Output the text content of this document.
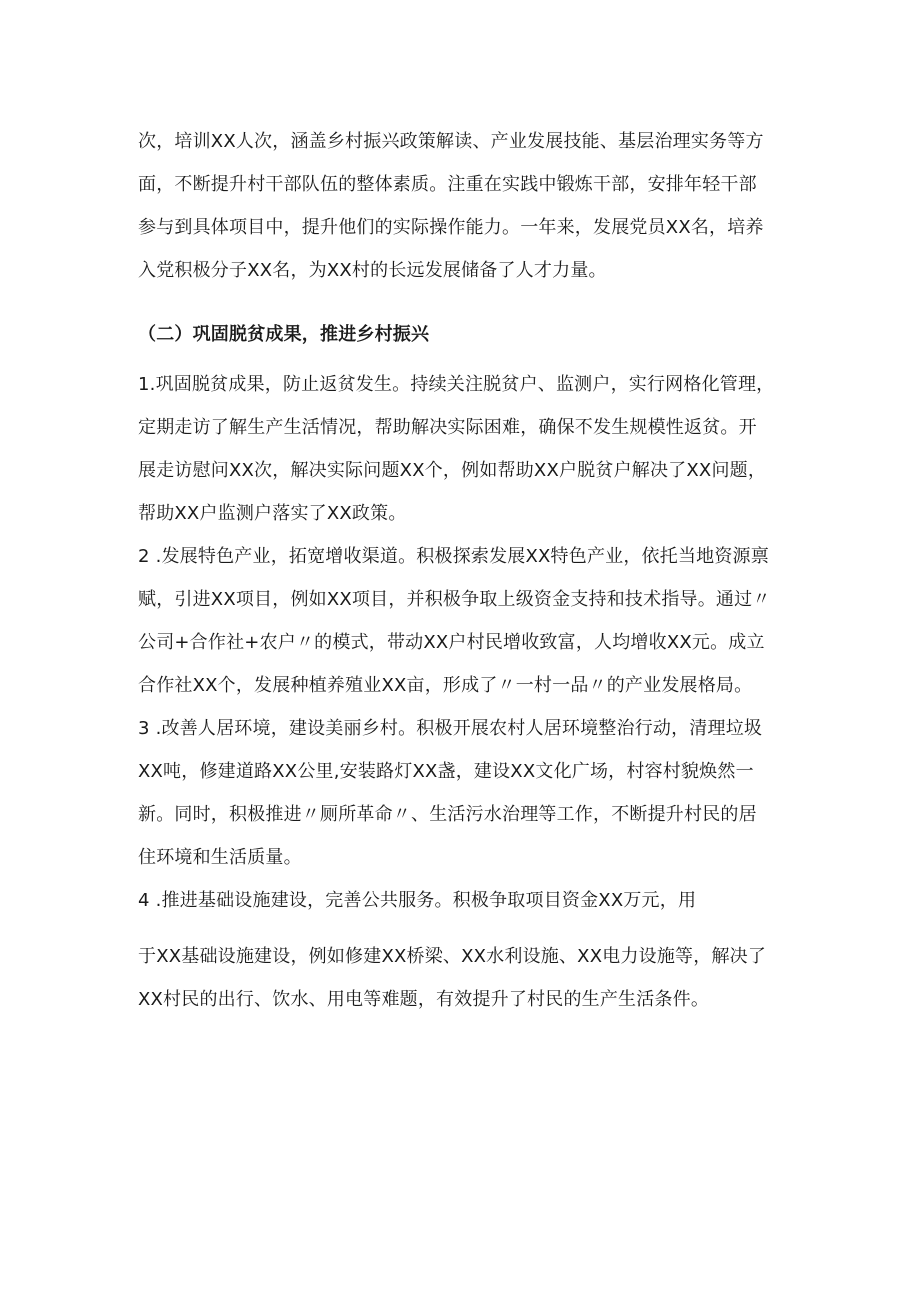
次，培训XX人次，涵盖乡村振兴政策解读、产业发展技能、基层治理实务等方
面，不断提升村干部队伍的整体素质。注重在实践中锻炼干部，安排年轻干部
参与到具体项目中，提升他们的实际操作能力。一年来，发展党员XX名，培养
入党积极分子XX名，为XX村的长远发展储备了人才力量。
（二）巩固脱贫成果，推进乡村振兴
1.巩固脱贫成果，防止返贫发生。持续关注脱贫户、监测户，实行网格化管理，
定期走访了解生产生活情况，帮助解决实际困难，确保不发生规模性返贫。开
展走访慰问XX次，解决实际问题XX个，例如帮助XX户脱贫户解决了XX问题，
帮助XX户监测户落实了XX政策。
2 .发展特色产业，拓宽增收渠道。积极探索发展XX特色产业，依托当地资源禀
赋，引进XX项目，例如XX项目，并积极争取上级资金支持和技术指导。通过〃
公司+合作社+农户〃的模式，带动XX户村民增收致富，人均增收XX元。成立
合作社XX个，发展种植养殖业XX亩，形成了〃一村一品〃的产业发展格局。
3 .改善人居环境，建设美丽乡村。积极开展农村人居环境整治行动，清理垃圾
XX吨，修建道路XX公里,安装路灯XX盏，建设XX文化广场，村容村貌焕然一
新。同时，积极推进〃厕所革命〃、生活污水治理等工作，不断提升村民的居
住环境和生活质量。
4 .推进基础设施建设，完善公共服务。积极争取项目资金XX万元，用
于XX基础设施建设，例如修建XX桥梁、XX水利设施、XX电力设施等，解决了
XX村民的出行、饮水、用电等难题，有效提升了村民的生产生活条件。
